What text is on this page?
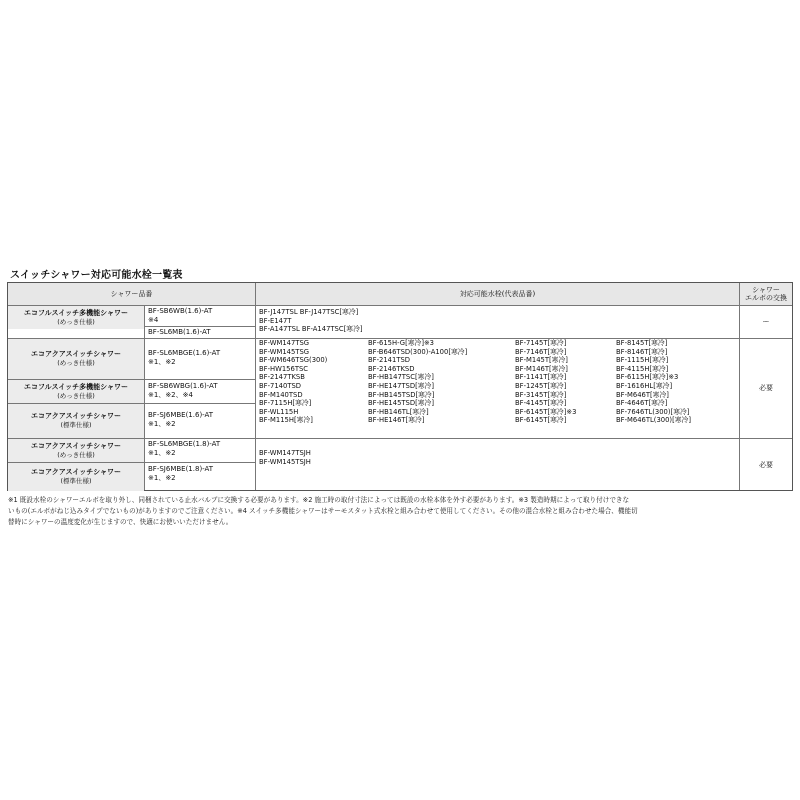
スイッチシャワー対応可能水栓一覧表
シャワー品番	対応可能水栓(代表品番)	シャワー
エルボの交換
エコフルスイッチ多機能シャワー
(めっき仕様)
エコアクアスイッチシャワー
(めっき仕様)
エコフルスイッチ多機能シャワー
(めっき仕様)
エコアクアスイッチシャワー
(標準仕様)
エコアクアスイッチシャワー
(めっき仕様)
エコアクアスイッチシャワー
(標準仕様)
BF-SB6WB(1.6)-AT
※4
BF-SL6MB(1.6)-AT
BF-SL6MBGE(1.6)-AT
※1、※2
BF-SB6WBG(1.6)-AT
※1、※2、※4
BF-SJ6MBE(1.6)-AT
※1、※2
BF-SL6MBGE(1.8)-AT
※1、※2
BF-SJ6MBE(1.8)-AT
※1、※2
BF-J147TSL BF-J147TSC[寒冷]
BF-E147T
BF-A147TSL BF-A147TSC[寒冷]
BF-WM147TSG
BF-WM145TSG
BF-WM646TSG(300)
BF-HW156TSC
BF-2147TKSB
BF-7140TSD
BF-M140TSD
BF-7115H[寒冷]
BF-WL115H
BF-M115H[寒冷]
BF-615H-G[寒冷]※3
BF-B646TSD(300)-A100[寒冷]
BF-2141TSD
BF-2146TKSD
BF-HB147TSC[寒冷]
BF-HE147TSD[寒冷]
BF-HB145TSD[寒冷]
BF-HE145TSD[寒冷]
BF-HB146TL[寒冷]
BF-HE146T[寒冷]
BF-7145T[寒冷]
BF-7146T[寒冷]
BF-M145T[寒冷]
BF-M146T[寒冷]
BF-1141T[寒冷]
BF-1245T[寒冷]
BF-3145T[寒冷]
BF-4145T[寒冷]
BF-6145T[寒冷]※3
BF-6145T[寒冷]
BF-8145T[寒冷]
BF-8146T[寒冷]
BF-1115H[寒冷]
BF-4115H[寒冷]
BF-6115H[寒冷]※3
BF-1616HL[寒冷]
BF-M646T[寒冷]
BF-4646T[寒冷]
BF-7646TL(300)[寒冷]
BF-M646TL(300)[寒冷]
BF-WM147TSJH
BF-WM145TSJH
ー
必要
必要
※1 既設水栓のシャワーエルボを取り外し、同梱されている止水バルブに交換する必要があります。※2 施工時の取付寸法によっては既設の水栓本体を外す必要があります。※3 製造時期によって取り付けできな
いもの(エルボがねじ込みタイプでないもの)がありますのでご注意ください。※4 スイッチ多機能シャワーはサーモスタット式水栓と組み合わせて使用してください。その他の混合水栓と組み合わせた場合、機能切
替時にシャワーの温度変化が生じますので、快適にお使いいただけません。
